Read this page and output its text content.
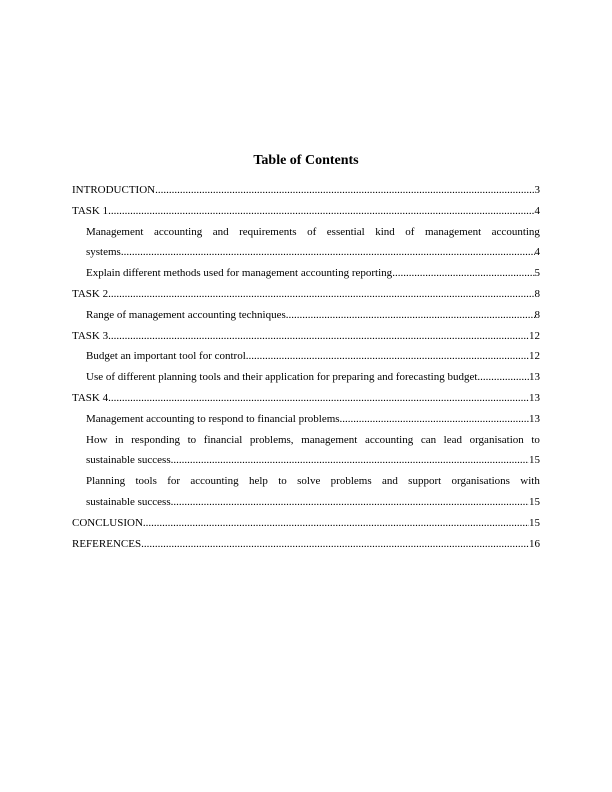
Table of Contents
INTRODUCTION .....	3
TASK 1 .....	4
Management accounting and requirements of essential kind of management accounting
systems .....	4
Explain different methods used for management accounting reporting .....	5
TASK 2 .....	8
Range of management accounting techniques .....	8
TASK 3 .....	12
Budget an important tool for control .....	12
Use of different planning tools and their application for preparing and forecasting budget. .....	13
TASK 4 .....	13
Management accounting to respond to financial problems .....	13
How in responding to financial problems, management accounting can lead organisation to
sustainable success .....	15
Planning tools for accounting help to solve problems and support organisations with
sustainable success .....	15
CONCLUSION .....	15
REFERENCES .....	16
